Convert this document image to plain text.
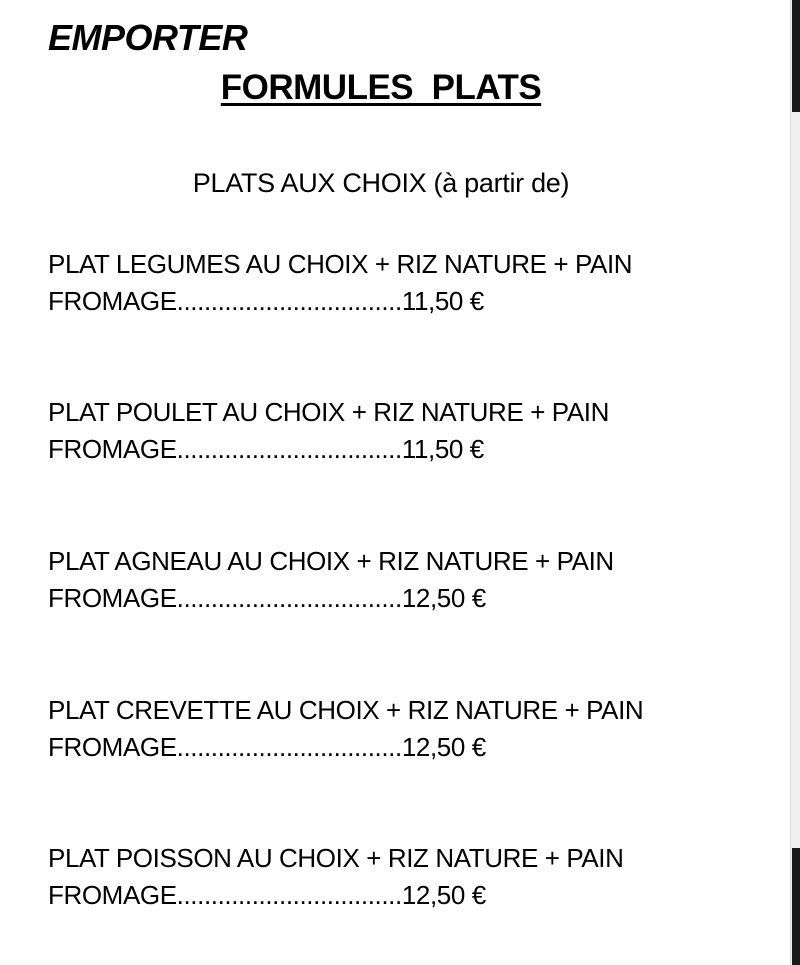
EMPORTER
FORMULES  PLATS
PLATS AUX CHOIX (à partir de)
PLAT LEGUMES AU CHOIX + RIZ NATURE + PAIN
FROMAGE.................................11,50 €
PLAT POULET AU CHOIX + RIZ NATURE + PAIN
FROMAGE.................................11,50 €
PLAT AGNEAU AU CHOIX + RIZ NATURE + PAIN
FROMAGE.................................12,50 €
PLAT CREVETTE AU CHOIX + RIZ NATURE + PAIN
FROMAGE.................................12,50 €
PLAT POISSON AU CHOIX + RIZ NATURE + PAIN
FROMAGE.................................12,50 €
